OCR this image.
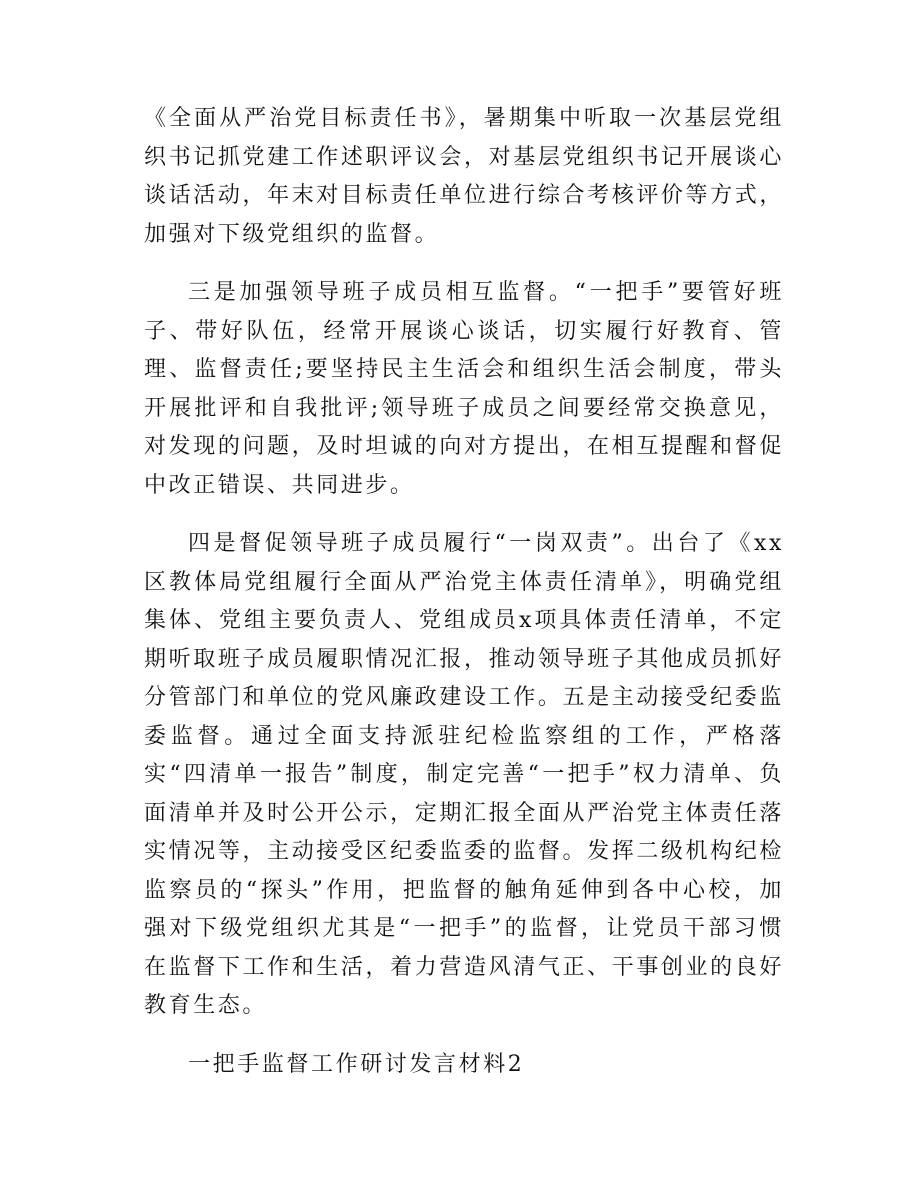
《全面从严治党目标责任书》，暑期集中听取一次基层党组织书记抓党建工作述职评议会，对基层党组织书记开展谈心谈话活动，年末对目标责任单位进行综合考核评价等方式，加强对下级党组织的监督。

三是加强领导班子成员相互监督。“一把手”要管好班子、带好队伍，经常开展谈心谈话，切实履行好教育、管理、监督责任;要坚持民主生活会和组织生活会制度，带头开展批评和自我批评;领导班子成员之间要经常交换意见，对发现的问题，及时坦诚的向对方提出，在相互提醒和督促中改正错误、共同进步。

四是督促领导班子成员履行“一岗双责”。出台了《xx区教体局党组履行全面从严治党主体责任清单》，明确党组集体、党组主要负责人、党组成员x项具体责任清单，不定期听取班子成员履职情况汇报，推动领导班子其他成员抓好分管部门和单位的党风廉政建设工作。五是主动接受纪委监委监督。通过全面支持派驻纪检监察组的工作，严格落实“四清单一报告”制度，制定完善“一把手”权力清单、负面清单并及时公开公示，定期汇报全面从严治党主体责任落实情况等，主动接受区纪委监委的监督。发挥二级机构纪检监察员的“探头”作用，把监督的触角延伸到各中心校，加强对下级党组织尤其是“一把手”的监督，让党员干部习惯在监督下工作和生活，着力营造风清气正、干事创业的良好教育生态。

一把手监督工作研讨发言材料2
